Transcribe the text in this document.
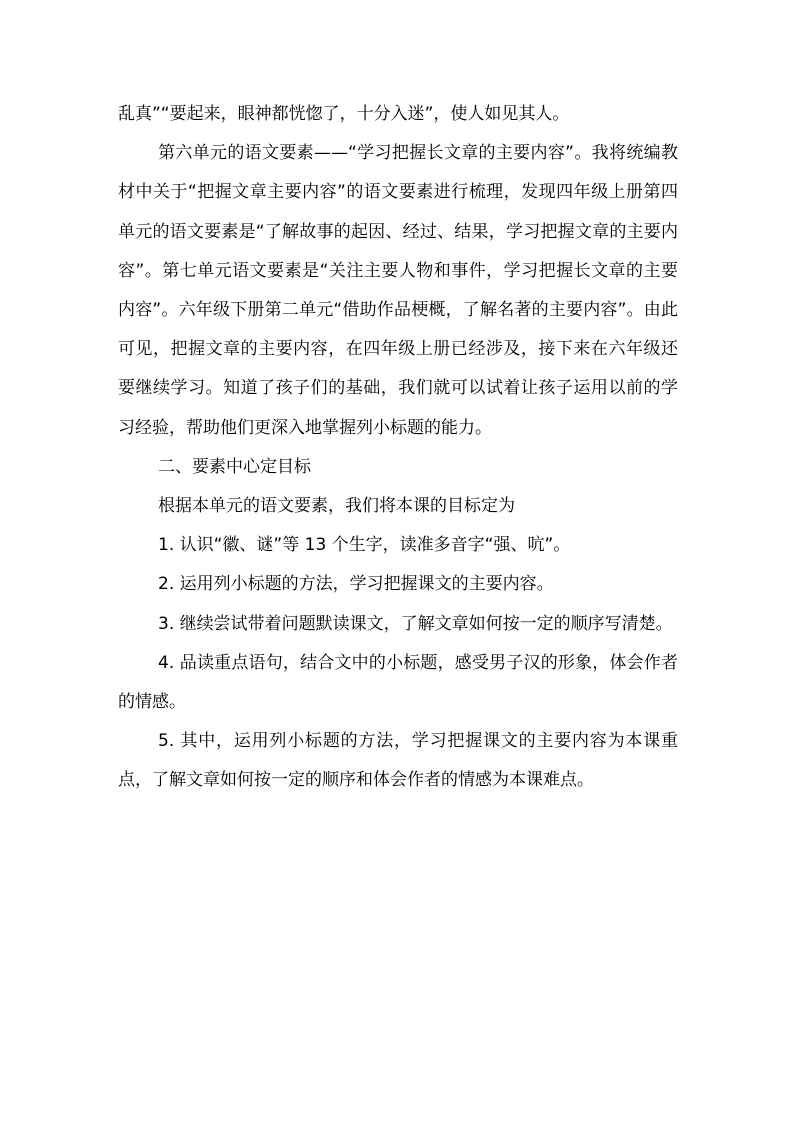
乱真”“要起来，眼神都恍惚了，十分入迷”，使人如见其人。

第六单元的语文要素——“学习把握长文章的主要内容”。我将统编教材中关于“把握文章主要内容”的语文要素进行梳理，发现四年级上册第四单元的语文要素是“了解故事的起因、经过、结果，学习把握文章的主要内容”。第七单元语文要素是“关注主要人物和事件，学习把握长文章的主要内容”。六年级下册第二单元“借助作品梗概，了解名著的主要内容”。由此可见，把握文章的主要内容，在四年级上册已经涉及，接下来在六年级还要继续学习。知道了孩子们的基础，我们就可以试着让孩子运用以前的学习经验，帮助他们更深入地掌握列小标题的能力。

二、要素中心定目标

根据本单元的语文要素，我们将本课的目标定为

1. 认识“徽、谜”等 13 个生字，读准多音字“强、吭”。

2. 运用列小标题的方法，学习把握课文的主要内容。

3. 继续尝试带着问题默读课文，了解文章如何按一定的顺序写清楚。

4. 品读重点语句，结合文中的小标题，感受男子汉的形象，体会作者的情感。

5. 其中，运用列小标题的方法，学习把握课文的主要内容为本课重点，了解文章如何按一定的顺序和体会作者的情感为本课难点。
